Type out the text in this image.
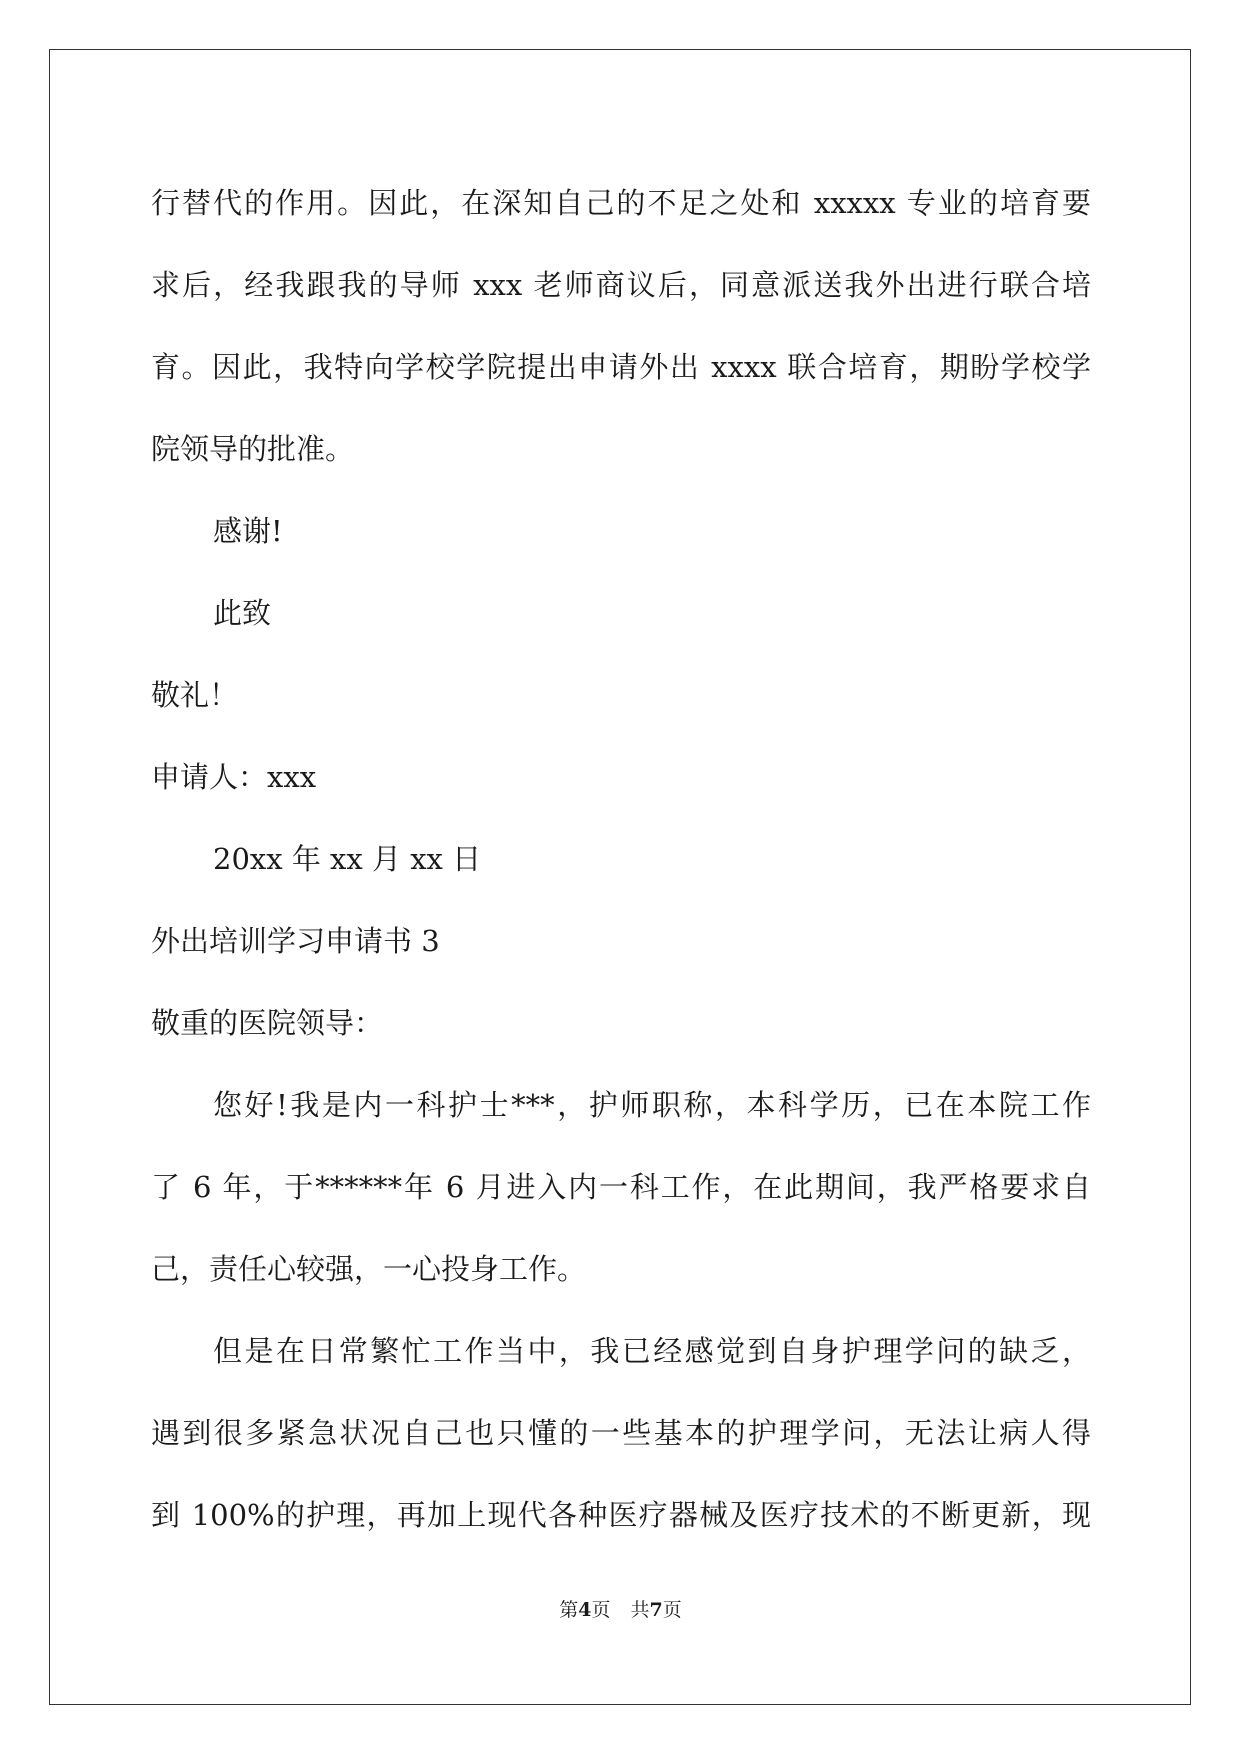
行替代的作用。因此，在深知自己的不足之处和 xxxxx 专业的培育要
求后，经我跟我的导师 xxx 老师商议后，同意派送我外出进行联合培
育。因此，我特向学校学院提出申请外出 xxxx 联合培育，期盼学校学
院领导的批准。
感谢!
此致
敬礼！
申请人：xxx
20xx 年 xx 月 xx 日
外出培训学习申请书 3
敬重的医院领导：
您好!我是内一科护士***，护师职称，本科学历，已在本院工作
了 6 年，于******年 6 月进入内一科工作，在此期间，我严格要求自
己，责任心较强，一心投身工作。
但是在日常繁忙工作当中，我已经感觉到自身护理学问的缺乏，
遇到很多紧急状况自己也只懂的一些基本的护理学问，无法让病人得
到 100%的护理，再加上现代各种医疗器械及医疗技术的不断更新，现
第4页 共7页
